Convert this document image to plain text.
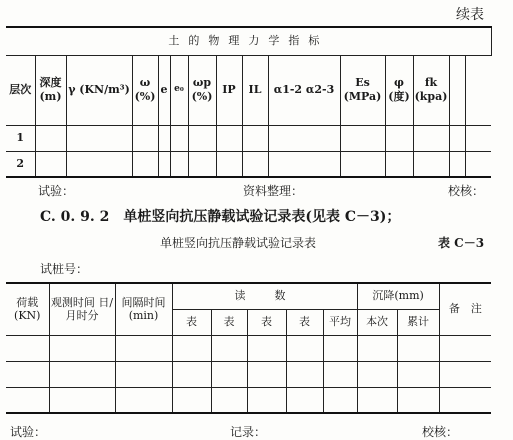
续表
土的物理力学指标														
层次	深度(m)	γ (KN/m³)	ω (%)	e	e₀	ωp (%)	IP	IL	α1-2 α2-3	Es (MPa)	φ (度)	fk (kpa)		
1														
2														
试验：	资料整理：	校核：
C. 0. 9. 2　单桩竖向抗压静载试验记录表(见表 C－3)；
单桩竖向抗压静载试验记录表	表 C－3
试桩号：
荷载 (KN)	观测时间 日/月时分	间隔时间 (min)	读　数					沉降(mm)		备　注
			表	表	表	表	平均	本次	累计	

试验：	记录：	校核：
